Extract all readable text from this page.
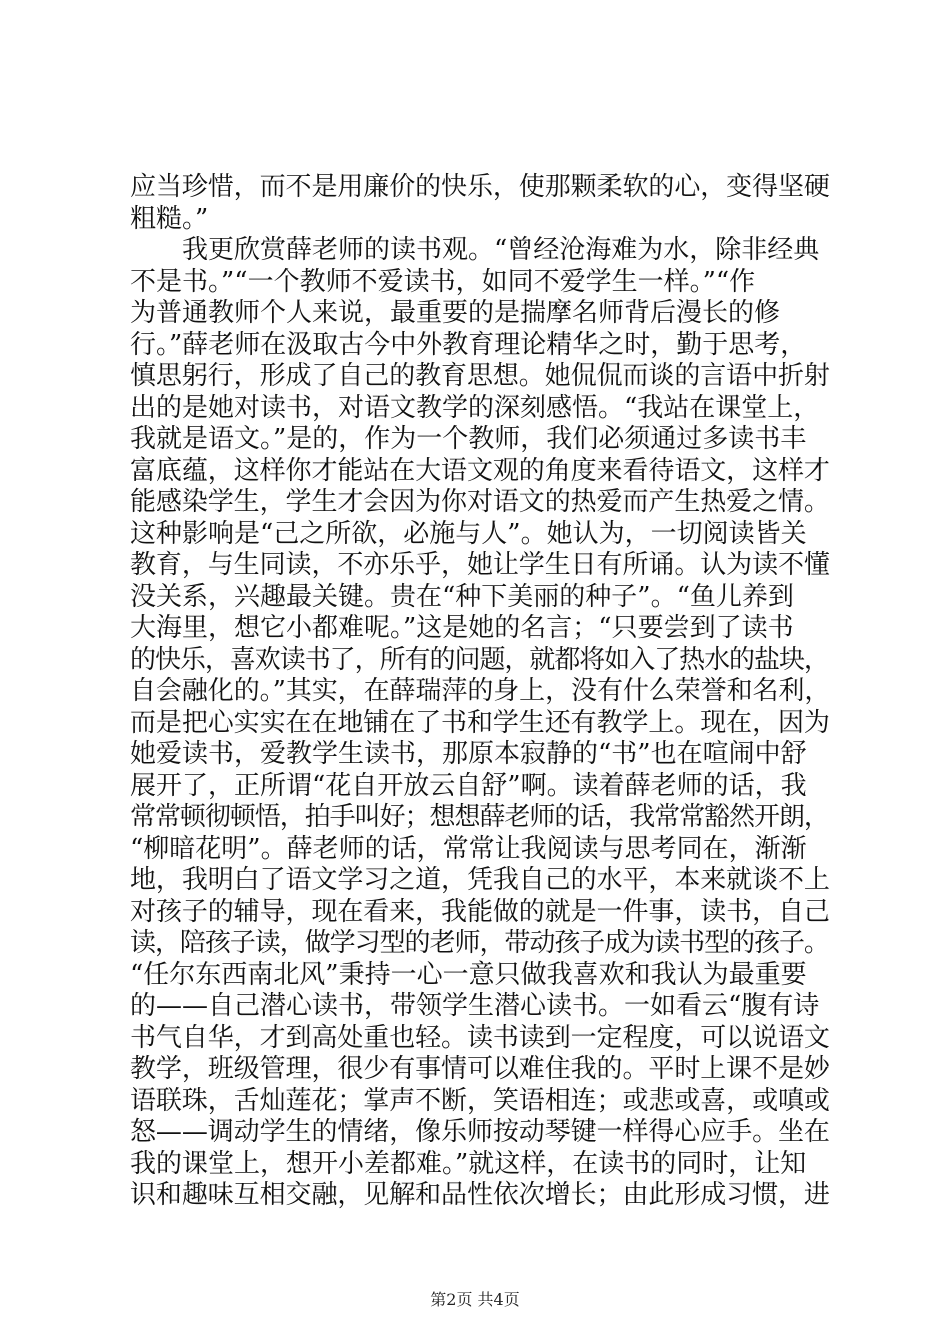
应当珍惜，而不是用廉价的快乐，使那颗柔软的心，变得坚硬
粗糙。”
我更欣赏薛老师的读书观。“曾经沧海难为水，除非经典
不是书。”“一个教师不爱读书，如同不爱学生一样。”“作
为普通教师个人来说，最重要的是揣摩名师背后漫长的修
行。”薛老师在汲取古今中外教育理论精华之时，勤于思考，
慎思躬行，形成了自己的教育思想。她侃侃而谈的言语中折射
出的是她对读书，对语文教学的深刻感悟。“我站在课堂上，
我就是语文。”是的，作为一个教师，我们必须通过多读书丰
富底蕴，这样你才能站在大语文观的角度来看待语文，这样才
能感染学生，学生才会因为你对语文的热爱而产生热爱之情。
这种影响是“己之所欲，必施与人”。她认为，一切阅读皆关
教育，与生同读，不亦乐乎，她让学生日有所诵。认为读不懂
没关系，兴趣最关键。贵在“种下美丽的种子”。“鱼儿养到
大海里，想它小都难呢。”这是她的名言；“只要尝到了读书
的快乐，喜欢读书了，所有的问题，就都将如入了热水的盐块，
自会融化的。”其实，在薛瑞萍的身上，没有什么荣誉和名利，
而是把心实实在在地铺在了书和学生还有教学上。现在，因为
她爱读书，爱教学生读书，那原本寂静的“书”也在喧闹中舒
展开了，正所谓“花自开放云自舒”啊。读着薛老师的话，我
常常顿彻顿悟，拍手叫好；想想薛老师的话，我常常豁然开朗，
“柳暗花明”。薛老师的话，常常让我阅读与思考同在，渐渐
地，我明白了语文学习之道，凭我自己的水平，本来就谈不上
对孩子的辅导，现在看来，我能做的就是一件事，读书，自己
读，陪孩子读，做学习型的老师，带动孩子成为读书型的孩子。
“任尔东西南北风”秉持一心一意只做我喜欢和我认为最重要
的——自己潜心读书，带领学生潜心读书。一如看云“腹有诗
书气自华，才到高处重也轻。读书读到一定程度，可以说语文
教学，班级管理，很少有事情可以难住我的。平时上课不是妙
语联珠，舌灿莲花；掌声不断，笑语相连；或悲或喜，或嗔或
怒——调动学生的情绪，像乐师按动琴键一样得心应手。坐在
我的课堂上，想开小差都难。”就这样，在读书的同时，让知
识和趣味互相交融，见解和品性依次增长；由此形成习惯，进
第2页 共4页
